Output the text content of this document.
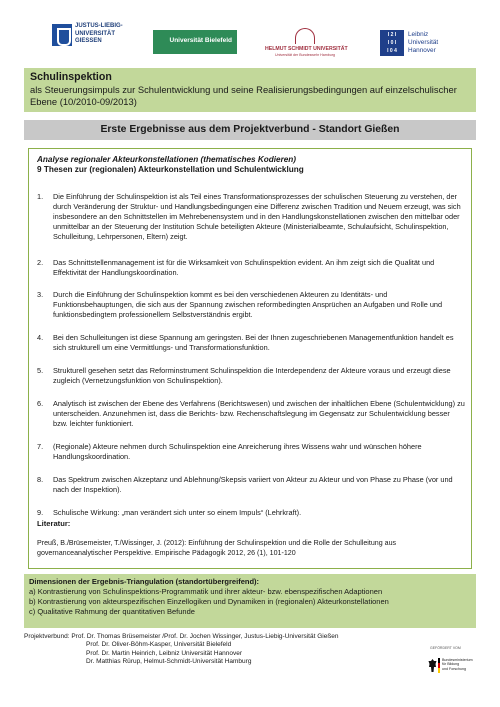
JUSTUS-LIEBIG-
UNIVERSITÄT
GIESSEN	Universität Bielefeld
HELMUT SCHMIDT UNIVERSITÄT
Universität der Bundeswehr Hamburg
I 2 I
I 0 I
I 0 4
Leibniz
Universität
Hannover
Schulinspektion

als Steuerungsimpuls zur Schulentwicklung und seine Realisierungsbedingungen auf einzelschulischer Ebene (10/2010-09/2013)

Erste Ergebnisse aus dem Projektverbund - Standort Gießen
Analyse regionaler Akteurkonstellationen (thematisches Kodieren)
9 Thesen zur (regionalen) Akteurkonstellation und Schulentwicklung
1.	Die Einführung der Schulinspektion ist als Teil eines Transformationsprozesses der schulischen Steuerung zu verstehen, der durch Veränderung der Struktur- und Handlungsbedingungen eine Differenz zwischen Tradition und Neuem erzeugt, was sich insbesondere an den Schnittstellen im Mehrebenensystem und in den Handlungskonstellationen zwischen den mittelbar oder unmittelbar an der Steuerung der Institution Schule beteiligten Akteure (Ministerialbeamte, Schulaufsicht, Schulinspektion, Schulleitung, Lehrpersonen, Eltern) zeigt.
2.	Das Schnittstellenmanagement ist für die Wirksamkeit von Schulinspektion evident. An ihm zeigt sich die Qualität und Effektivität der Handlungskoordination.
3.	Durch die Einführung der Schulinspektion kommt es bei den verschiedenen Akteuren zu Identitäts- und Funktionsbehauptungen, die sich aus der Spannung zwischen reformbedingten Ansprüchen an Aufgaben und Rolle und funktionsbedingtem professionellem Selbstverständnis ergibt.
4.	Bei den Schulleitungen ist diese Spannung am geringsten. Bei der Ihnen zugeschriebenen Managementfunktion handelt es sich strukturell um eine Vermittlungs- und Transformationsfunktion.
5.	Strukturell gesehen setzt das Reforminstrument Schulinspektion die Interdependenz der Akteure voraus und erzeugt diese zugleich (Vernetzungsfunktion von Schulinspektion).
6.	Analytisch ist zwischen der Ebene des Verfahrens (Berichtswesen) und zwischen der inhaltlichen Ebene (Schulentwicklung) zu unterscheiden. Anzunehmen ist, dass die Berichts- bzw. Rechenschaftslegung im Gegensatz zur Schulentwicklung besser bzw. leichter funktioniert.
7.	(Regionale) Akteure nehmen durch Schulinspektion eine Anreicherung ihres Wissens wahr und wünschen höhere Handlungskoordination.
8.	Das Spektrum zwischen Akzeptanz und Ablehnung/Skepsis variiert von Akteur zu Akteur und von Phase zu Phase (vor und nach der Inspektion).
9.	Schulische Wirkung: „man verändert sich unter so einem Impuls“ (Lehrkraft).
Literatur:
Preuß, B./Brüsemeister, T./Wissinger, J. (2012): Einführung der Schulinspektion und die Rolle der Schulleitung aus governanceanalytischer Perspektive. Empirische Pädagogik 2012, 26 (1), 101-120
Dimensionen der Ergebnis-Triangulation (standortübergreifend):
a) Kontrastierung von Schulinspektions-Programmatik und ihrer akteur- bzw. ebenspezifischen Adaptionen
b) Kontrastierung von akteurspezifischen Einzellogiken und Dynamiken in (regionalen) Akteurkonstellationen
c) Qualitative Rahmung der quantitativen Befunde
Projektverbund: Prof. Dr. Thomas Brüsemeister /Prof. Dr. Jochen Wissinger, Justus-Liebig-Universität Gießen
Prof. Dr. Oliver-Böhm-Kasper, Universität Bielefeld
Prof. Dr. Martin Heinrich, Leibniz Universität Hannover
Dr. Matthias Rürup, Helmut-Schmidt-Universität Hamburg
GEFÖRDERT VOM
Bundesministerium
für Bildung
und Forschung
